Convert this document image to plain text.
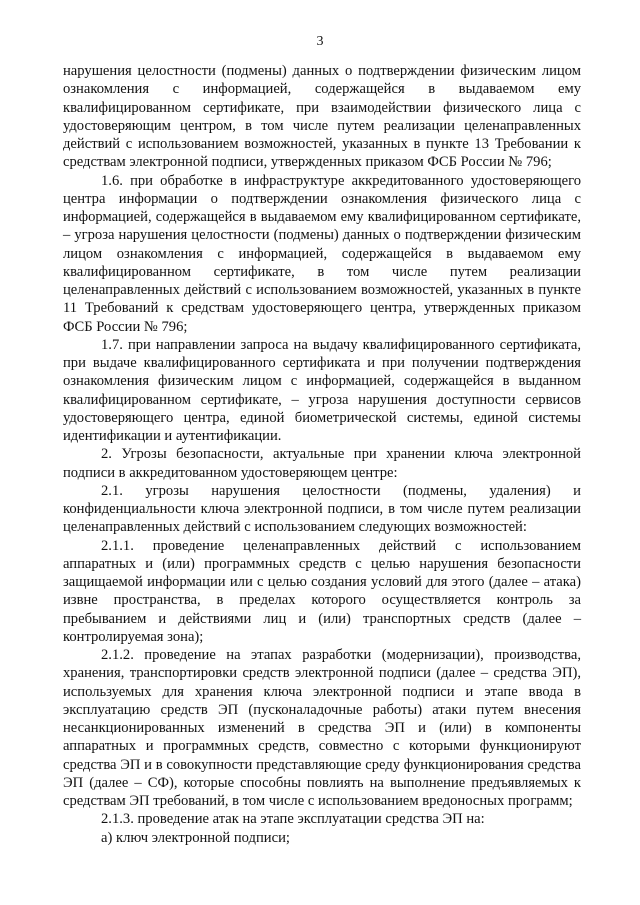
3

нарушения целостности (подмены) данных о подтверждении физическим лицом ознакомления с информацией, содержащейся в выдаваемом ему квалифицированном сертификате, при взаимодействии физического лица с удостоверяющим центром, в том числе путем реализации целенаправленных действий с использованием возможностей, указанных в пункте 13 Требовании к средствам электронной подписи, утвержденных приказом ФСБ России № 796;

1.6. при обработке в инфраструктуре аккредитованного удостоверяющего центра информации о подтверждении ознакомления физического лица с информацией, содержащейся в выдаваемом ему квалифицированном сертификате, – угроза нарушения целостности (подмены) данных о подтверждении физическим лицом ознакомления с информацией, содержащейся в выдаваемом ему квалифицированном сертификате, в том числе путем реализации целенаправленных действий с использованием возможностей, указанных в пункте 11 Требований к средствам удостоверяющего центра, утвержденных приказом ФСБ России № 796;

1.7. при направлении запроса на выдачу квалифицированного сертификата, при выдаче квалифицированного сертификата и при получении подтверждения ознакомления физическим лицом с информацией, содержащейся в выданном квалифицированном сертификате, – угроза нарушения доступности сервисов удостоверяющего центра, единой биометрической системы, единой системы идентификации и аутентификации.

2. Угрозы безопасности, актуальные при хранении ключа электронной подписи в аккредитованном удостоверяющем центре:

2.1. угрозы нарушения целостности (подмены, удаления) и конфиденциальности ключа электронной подписи, в том числе путем реализации целенаправленных действий с использованием следующих возможностей:

2.1.1. проведение целенаправленных действий с использованием аппаратных и (или) программных средств с целью нарушения безопасности защищаемой информации или с целью создания условий для этого (далее – атака) извне пространства, в пределах которого осуществляется контроль за пребыванием и действиями лиц и (или) транспортных средств (далее – контролируемая зона);

2.1.2. проведение на этапах разработки (модернизации), производства, хранения, транспортировки средств электронной подписи (далее – средства ЭП), используемых для хранения ключа электронной подписи и этапе ввода в эксплуатацию средств ЭП (пусконаладочные работы) атаки путем внесения несанкционированных изменений в средства ЭП и (или) в компоненты аппаратных и программных средств, совместно с которыми функционируют средства ЭП и в совокупности представляющие среду функционирования средства ЭП (далее – СФ), которые способны повлиять на выполнение предъявляемых к средствам ЭП требований, в том числе с использованием вредоносных программ;

2.1.3. проведение атак на этапе эксплуатации средства ЭП на:

а) ключ электронной подписи;
